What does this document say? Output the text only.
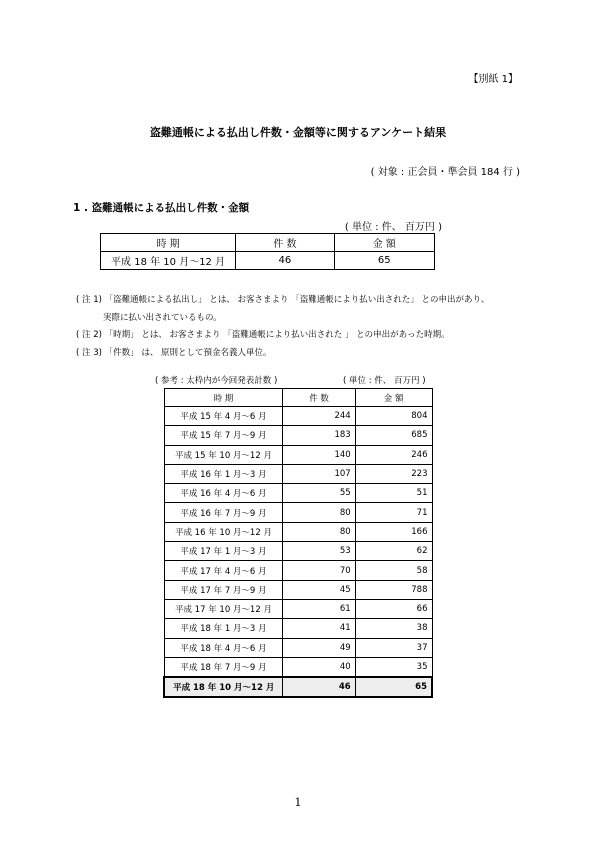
【別紙 1】
盗難通帳による払出し件数・金額等に関するアンケート結果
( 対象 : 正会員・準会員 184 行 )
1 . 盗難通帳による払出し件数・金額
( 単位 : 件、 百万円 )
時 期	件 数	金 額
平成 18 年 10 月～12 月	46	65
( 注 1) 「盗難通帳による払出し」 とは、 お客さまより 「盗難通帳により払い出された」 との申出があり、
実際に払い出されているもの。
( 注 2) 「時期」 とは、 お客さまより 「盗難通帳により払い出された 」 との申出があった時期。
( 注 3) 「件数」 は、 原則として預金名義人単位。
( 参考 : 太枠内が今回発表計数 )	( 単位 : 件、 百万円 )
時 期	件 数	金 額
平成 15 年 4 月～6 月	244	804
平成 15 年 7 月～9 月	183	685
平成 15 年 10 月～12 月	140	246
平成 16 年 1 月～3 月	107	223
平成 16 年 4 月～6 月	55	51
平成 16 年 7 月～9 月	80	71
平成 16 年 10 月～12 月	80	166
平成 17 年 1 月～3 月	53	62
平成 17 年 4 月～6 月	70	58
平成 17 年 7 月～9 月	45	788
平成 17 年 10 月～12 月	61	66
平成 18 年 1 月～3 月	41	38
平成 18 年 4 月～6 月	49	37
平成 18 年 7 月～9 月	40	35
平成 18 年 10 月～12 月	46	65
1
